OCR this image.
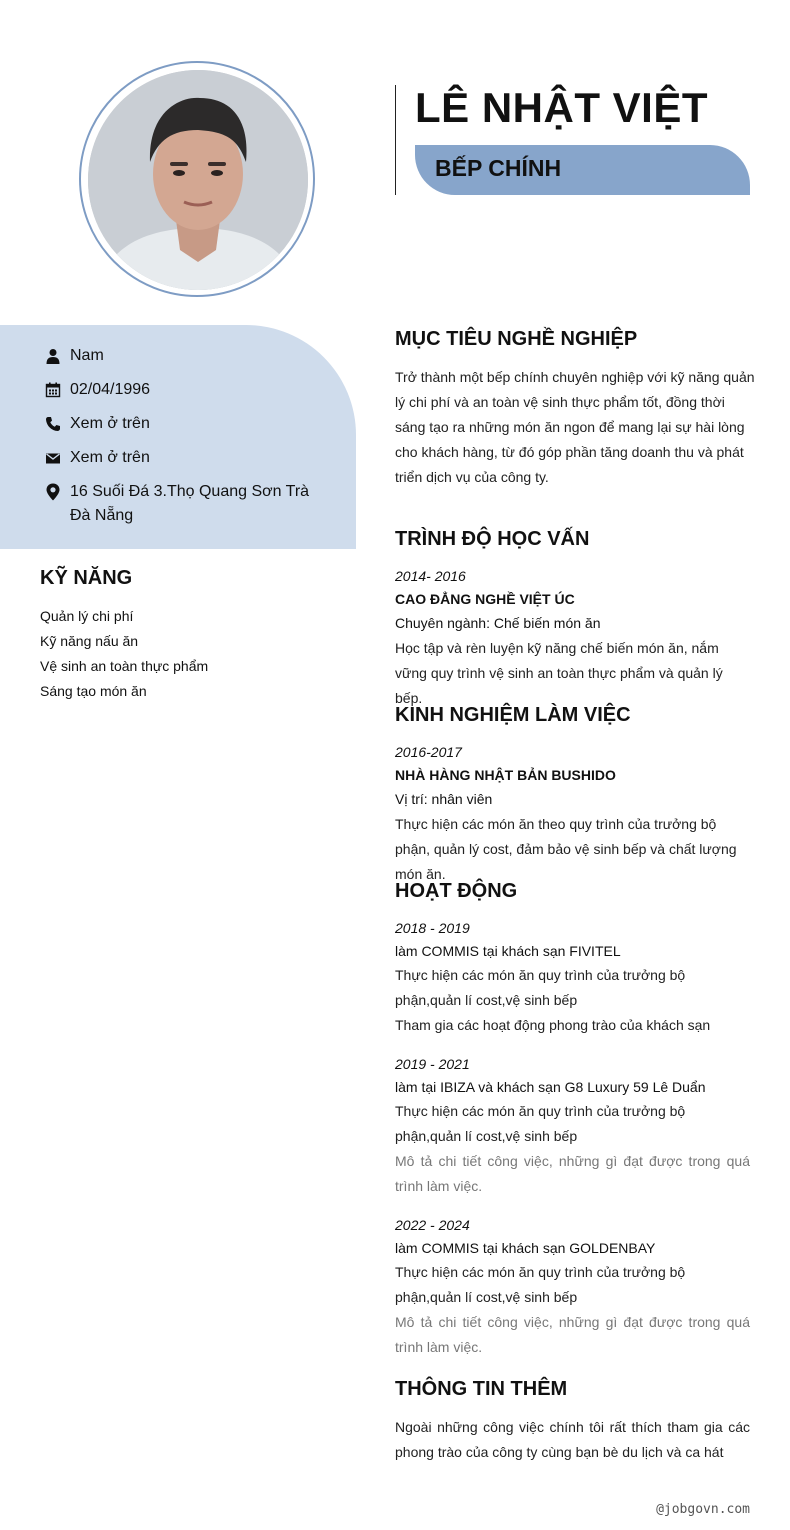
LÊ NHẬT VIỆT
BẾP CHÍNH
Nam
02/04/1996
Xem ở trên
Xem ở trên
16 Suối Đá 3.Thọ Quang Sơn Trà Đà Nẵng
KỸ NĂNG
Quản lý chi phí
Kỹ năng nấu ăn
Vệ sinh an toàn thực phẩm
Sáng tạo món ăn
MỤC TIÊU NGHỀ NGHIỆP
Trở thành một bếp chính chuyên nghiệp với kỹ năng quản lý chi phí và an toàn vệ sinh thực phẩm tốt, đồng thời sáng tạo ra những món ăn ngon để mang lại sự hài lòng cho khách hàng, từ đó góp phần tăng doanh thu và phát triển dịch vụ của công ty.
TRÌNH ĐỘ HỌC VẤN
2014- 2016
CAO ĐẲNG NGHỀ VIỆT ÚC
Chuyên ngành: Chế biến món ăn
Học tập và rèn luyện kỹ năng chế biến món ăn, nắm vững quy trình vệ sinh an toàn thực phẩm và quản lý bếp.
KINH NGHIỆM LÀM VIỆC
2016-2017
NHÀ HÀNG NHẬT BẢN BUSHIDO
Vị trí: nhân viên
Thực hiện các món ăn theo quy trình của trưởng bộ phận, quản lý cost, đảm bảo vệ sinh bếp và chất lượng món ăn.
HOẠT ĐỘNG
2018 - 2019
làm COMMIS tại khách sạn FIVITEL
Thực hiện các món ăn quy trình của trưởng bộ phận,quản lí cost,vệ sinh bếp
Tham gia các hoạt động phong trào của khách sạn
2019 - 2021
làm tại IBIZA và khách sạn G8 Luxury 59 Lê Duẩn
Thực hiện các món ăn quy trình của trưởng bộ phận,quản lí cost,vệ sinh bếp
Mô tả chi tiết công việc, những gì đạt được trong quá trình làm việc.
2022 - 2024
làm COMMIS tại khách sạn GOLDENBAY
Thực hiện các món ăn quy trình của trưởng bộ phận,quản lí cost,vệ sinh bếp
Mô tả chi tiết công việc, những gì đạt được trong quá trình làm việc.
THÔNG TIN THÊM
Ngoài những công việc chính tôi rất thích tham gia các phong trào của công ty cùng bạn bè du lịch và ca hát
@jobgovn.com
